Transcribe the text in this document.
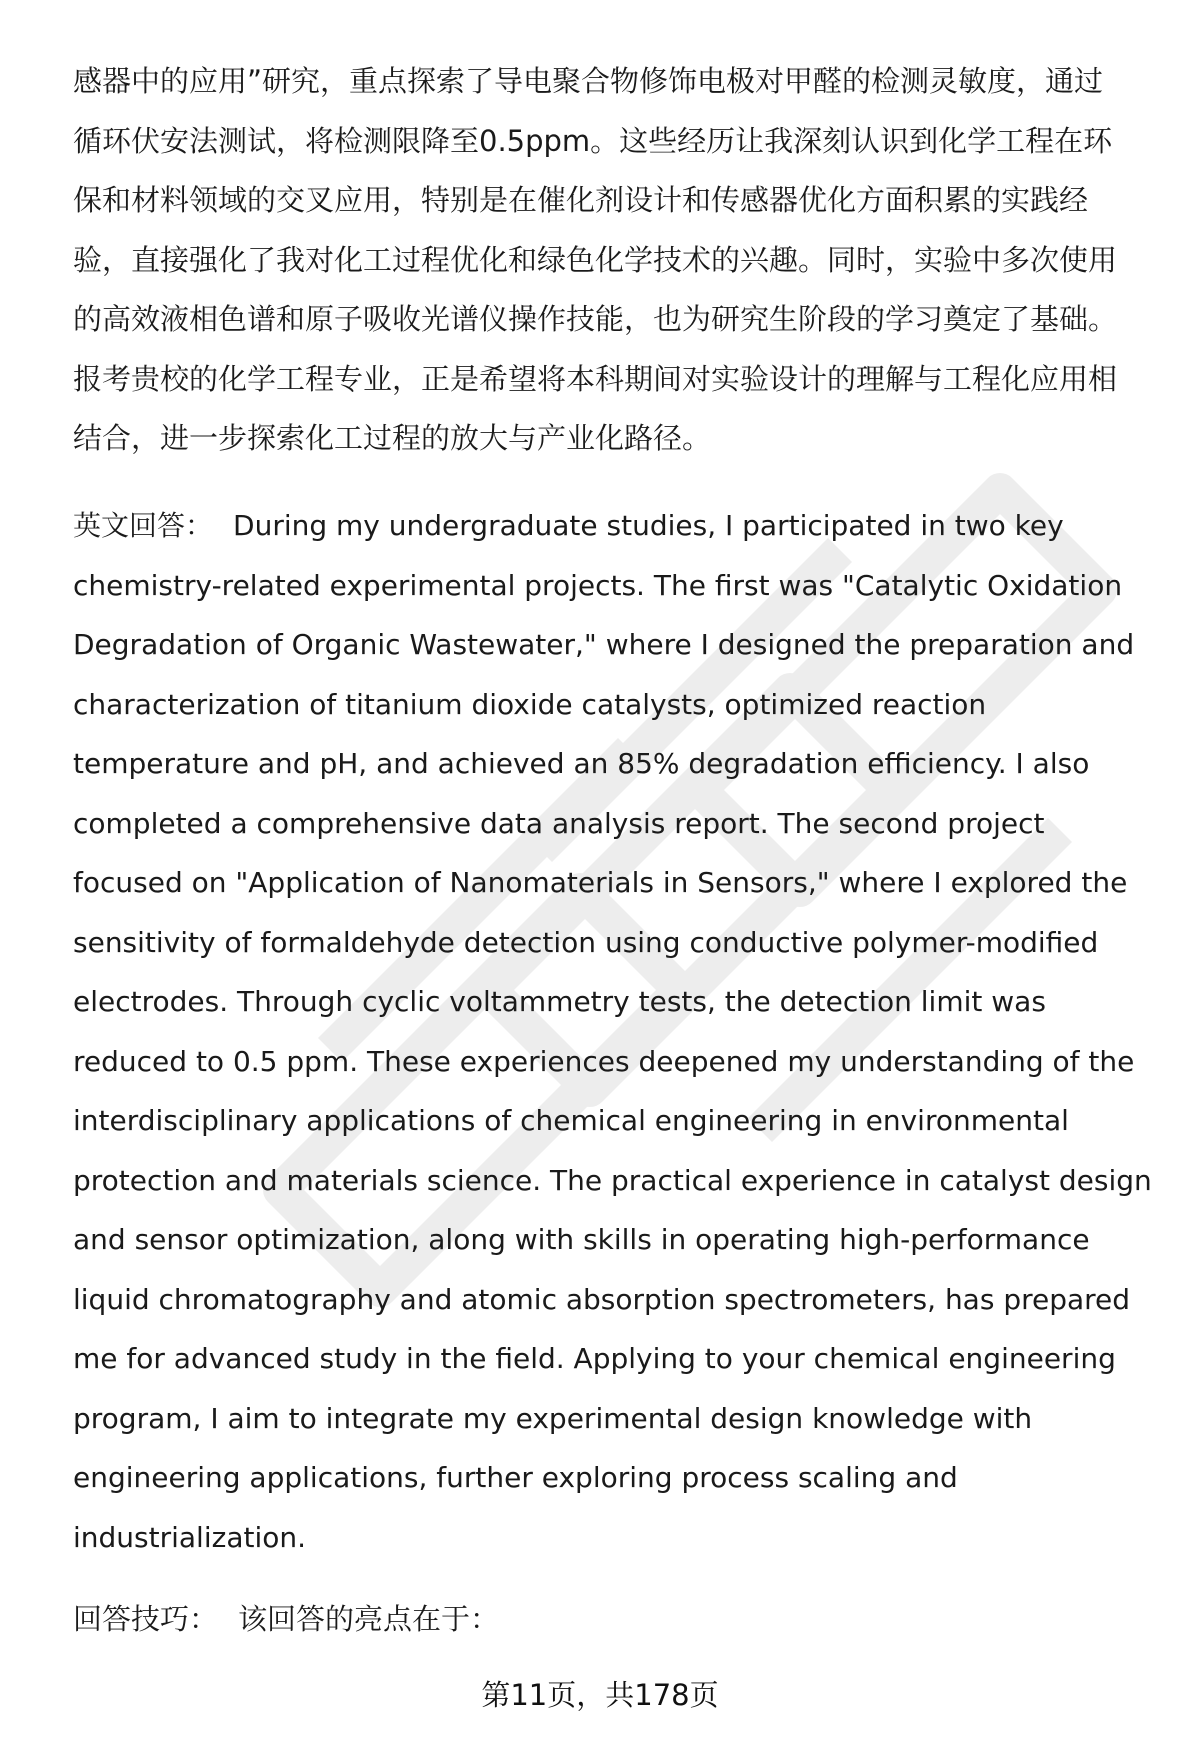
感器中的应用”研究，重点探索了导电聚合物修饰电极对甲醛的检测灵敏度，通过
循环伏安法测试，将检测限降至0.5ppm。这些经历让我深刻认识到化学工程在环
保和材料领域的交叉应用，特别是在催化剂设计和传感器优化方面积累的实践经
验，直接强化了我对化工过程优化和绿色化学技术的兴趣。同时，实验中多次使用
的高效液相色谱和原子吸收光谱仪操作技能，也为研究生阶段的学习奠定了基础。
报考贵校的化学工程专业，正是希望将本科期间对实验设计的理解与工程化应用相
结合，进一步探索化工过程的放大与产业化路径。
英文回答： During my undergraduate studies, I participated in two key
chemistry-related experimental projects. The first was "Catalytic Oxidation
Degradation of Organic Wastewater," where I designed the preparation and
characterization of titanium dioxide catalysts, optimized reaction
temperature and pH, and achieved an 85% degradation efficiency. I also
completed a comprehensive data analysis report. The second project
focused on "Application of Nanomaterials in Sensors," where I explored the
sensitivity of formaldehyde detection using conductive polymer-modified
electrodes. Through cyclic voltammetry tests, the detection limit was
reduced to 0.5 ppm. These experiences deepened my understanding of the
interdisciplinary applications of chemical engineering in environmental
protection and materials science. The practical experience in catalyst design
and sensor optimization, along with skills in operating high-performance
liquid chromatography and atomic absorption spectrometers, has prepared
me for advanced study in the field. Applying to your chemical engineering
program, I aim to integrate my experimental design knowledge with
engineering applications, further exploring process scaling and
industrialization.
回答技巧： 该回答的亮点在于：
第11页，共178页
